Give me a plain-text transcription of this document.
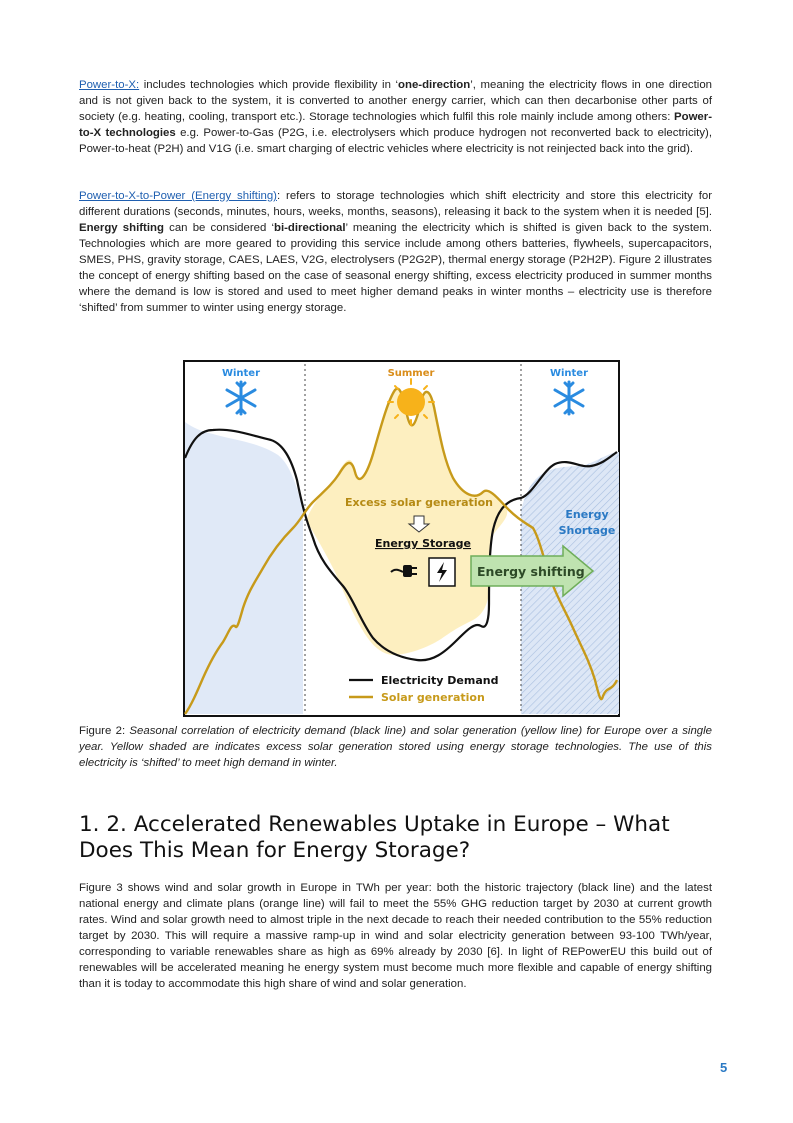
Power-to-X: includes technologies which provide flexibility in ‘one-direction’, meaning the electricity flows in one direction and is not given back to the system, it is converted to another energy carrier, which can then decarbonise other parts of society (e.g. heating, cooling, transport etc.). Storage technologies which fulfil this role mainly include among others: Power-to-X technologies e.g. Power-to-Gas (P2G, i.e. electrolysers which produce hydrogen not reconverted back to electricity), Power-to-heat (P2H) and V1G (i.e. smart charging of electric vehicles where electricity is not reinjected back into the grid).

Power-to-X-to-Power (Energy shifting): refers to storage technologies which shift electricity and store this electricity for different durations (seconds, minutes, hours, weeks, months, seasons), releasing it back to the system when it is needed [5]. Energy shifting can be considered ‘bi-directional’ meaning the electricity which is shifted is given back to the system. Technologies which are more geared to providing this service include among others batteries, flywheels, supercapacitors, SMES, PHS, gravity storage, CAES, LAES, V2G, electrolysers (P2G2P), thermal energy storage (P2H2P). Figure 2 illustrates the concept of energy shifting based on the case of seasonal energy shifting, excess electricity produced in summer months where the demand is low is stored and used to meet higher demand peaks in winter months – electricity use is therefore ‘shifted’ from summer to winter using energy storage.

Winter	Summer	Winter
Excess solar generation
Energy Storage
Energy shifting
Energy
Shortage
Electricity Demand
Solar generation

Figure 2: Seasonal correlation of electricity demand (black line) and solar generation (yellow line) for Europe over a single year. Yellow shaded are indicates excess solar generation stored using energy storage technologies. The use of this electricity is ‘shifted’ to meet high demand in winter.

1. 2. Accelerated Renewables Uptake in Europe – What Does This Mean for Energy Storage?

Figure 3 shows wind and solar growth in Europe in TWh per year: both the historic trajectory (black line) and the latest national energy and climate plans (orange line) will fail to meet the 55% GHG reduction target by 2030 at current growth rates. Wind and solar growth need to almost triple in the next decade to reach their needed contribution to the 55% reduction target by 2030. This will require a massive ramp-up in wind and solar electricity generation between 93-100 TWh/year, corresponding to variable renewables share as high as 69% already by 2030 [6]. In light of REPowerEU this build out of renewables will be accelerated meaning he energy system must become much more flexible and capable of energy shifting than it is today to accommodate this high share of wind and solar generation.

5
